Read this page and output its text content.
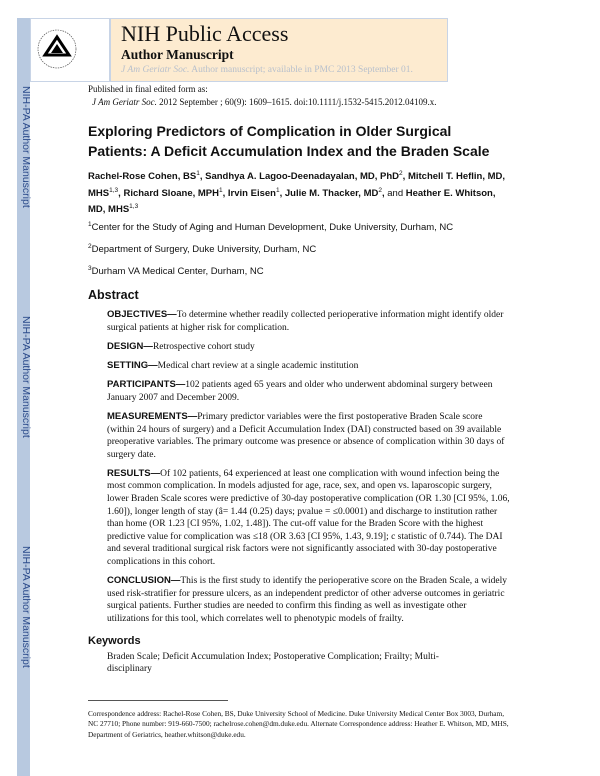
NIH-PA Author Manuscript
NIH-PA Author Manuscript
NIH-PA Author Manuscript
NIH Public Access
Author Manuscript
J Am Geriatr Soc. Author manuscript; available in PMC 2013 September 01.
Published in final edited form as:
J Am Geriatr Soc. 2012 September ; 60(9): 1609–1615. doi:10.1111/j.1532-5415.2012.04109.x.
Exploring Predictors of Complication in Older Surgical Patients: A Deficit Accumulation Index and the Braden Scale
Rachel-Rose Cohen, $BS^1$, Sandhya A. Lagoo-Deenadayalan, MD, PhD$^2$, Mitchell T. Heflin, MD, MHS$^{1,3}$, Richard Sloane, MPH$^1$, Irvin Eisen$^1$, Julie M. Thacker, $MD^2$, and Heather E. Whitson, MD, MHS$^{1,3}$
$^1$Center for the Study of Aging and Human Development, Duke University, Durham, NC
$^2$Department of Surgery, Duke University, Durham, NC
$^3$Durham VA Medical Center, Durham, NC
Abstract

OBJECTIVES—To determine whether readily collected perioperative information might identify older surgical patients at higher risk for complication.

DESIGN—Retrospective cohort study

SETTING—Medical chart review at a single academic institution

PARTICIPANTS—102 patients aged 65 years and older who underwent abdominal surgery between January 2007 and December 2009.

MEASUREMENTS—Primary predictor variables were the first postoperative Braden Scale score (within 24 hours of surgery) and a Deficit Accumulation Index (DAI) constructed based on 39 available preoperative variables. The primary outcome was presence or absence of complication within 30 days of surgery date.

RESULTS—Of 102 patients, 64 experienced at least one complication with wound infection being the most common complication. In models adjusted for age, race, sex, and open vs. laparoscopic surgery, lower Braden Scale scores were predictive of 30-day postoperative complication (OR 1.30 [CI 95%, 1.06, 1.60]), longer length of stay (â= 1.44 (0.25) days; pvalue = ≤0.0001) and discharge to institution rather than home (OR 1.23 [CI 95%, 1.02, 1.48]). The cut-off value for the Braden Score with the highest predictive value for complication was ≤18 (OR 3.63 [CI 95%, 1.43, 9.19]; c statistic of 0.744). The DAI and several traditional surgical risk factors were not significantly associated with 30-day postoperative complications in this cohort.

CONCLUSION—This is the first study to identify the perioperative score on the Braden Scale, a widely used risk-stratifier for pressure ulcers, as an independent predictor of other adverse outcomes in geriatric surgical patients. Further studies are needed to confirm this finding as well as investigate other utilizations for this tool, which correlates well to phenotypic models of frailty.

Keywords
Braden Scale; Deficit Accumulation Index; Postoperative Complication; Frailty; Multi-disciplinary
Correspondence address: Rachel-Rose Cohen, BS, Duke University School of Medicine. Duke University Medical Center Box 3003, Durham, NC 27710; Phone number: 919-660-7500; rachelrose.cohen@dm.duke.edu. Alternate Correspondence address: Heather E. Whitson, MD, MHS, Department of Geriatrics, heather.whitson@duke.edu.
